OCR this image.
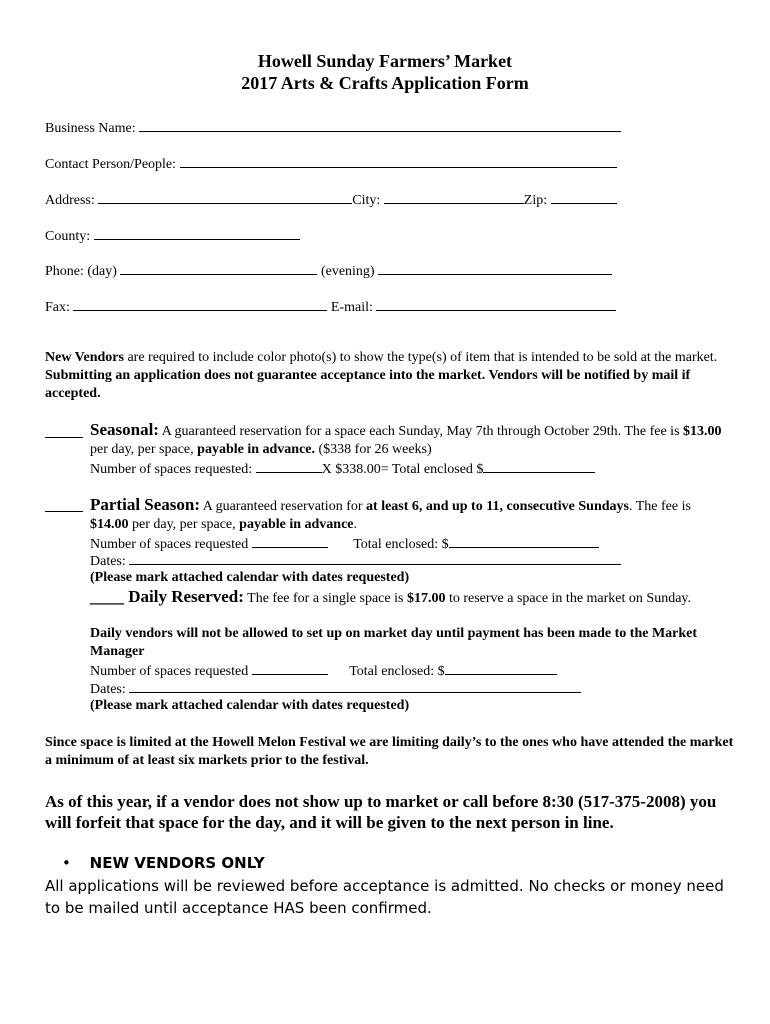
Howell Sunday Farmers’ Market
2017 Arts & Crafts Application Form
Business Name:
Contact Person/People:
Address:	City:	Zip:
County:
Phone: (day)	(evening)
Fax:	E-mail:
New Vendors are required to include color photo(s) to show the type(s) of item that is intended to be sold at the market. Submitting an application does not guarantee acceptance into the market. Vendors will be notified by mail if accepted.
Seasonal: A guaranteed reservation for a space each Sunday, May 7th through October 29th. The fee is $13.00 per day, per space, payable in advance. ($338 for 26 weeks)
Number of spaces requested:	X $338.00= Total enclosed $
Partial Season: A guaranteed reservation for at least 6, and up to 11, consecutive Sundays. The fee is $14.00 per day, per space, payable in advance.
Number of spaces requested	Total enclosed: $
Dates:
(Please mark attached calendar with dates requested)
____ Daily Reserved: The fee for a single space is $17.00 to reserve a space in the market on Sunday.
Daily vendors will not be allowed to set up on market day until payment has been made to the Market Manager
Number of spaces requested	Total enclosed: $
Dates:
(Please mark attached calendar with dates requested)
Since space is limited at the Howell Melon Festival we are limiting daily’s to the ones who have attended the market a minimum of at least six markets prior to the festival.
As of this year, if a vendor does not show up to market or call before 8:30 (517-375-2008) you will forfeit that space for the day, and it will be given to the next person in line.
• NEW VENDORS ONLY
All applications will be reviewed before acceptance is admitted. No checks or money need to be mailed until acceptance HAS been confirmed.
